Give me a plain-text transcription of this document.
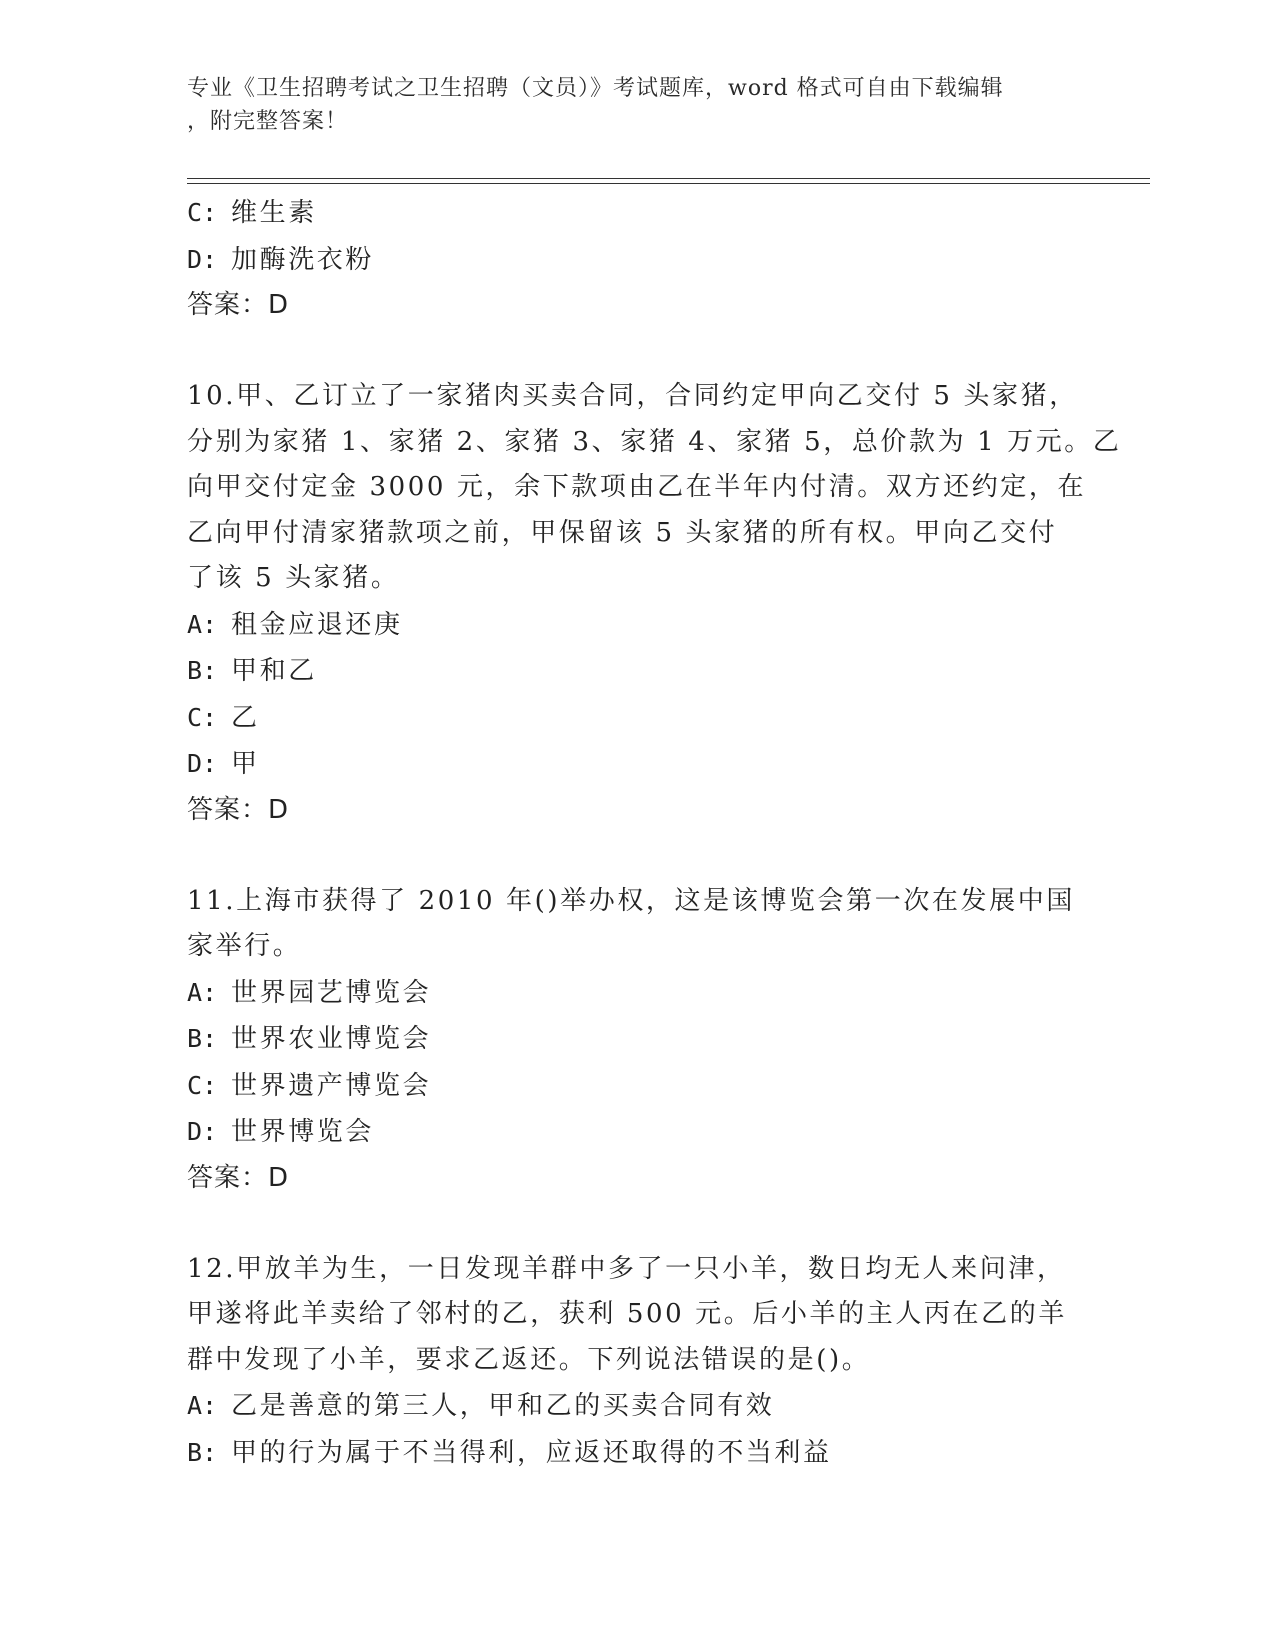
专业《卫生招聘考试之卫生招聘（文员）》考试题库，word 格式可自由下载编辑
，附完整答案！
C: 维生素
D: 加酶洗衣粉
答案：D
10.甲、乙订立了一家猪肉买卖合同，合同约定甲向乙交付 5 头家猪，
分别为家猪 1、家猪 2、家猪 3、家猪 4、家猪 5，总价款为 1 万元。乙
向甲交付定金 3000 元，余下款项由乙在半年内付清。双方还约定，在
乙向甲付清家猪款项之前，甲保留该 5 头家猪的所有权。甲向乙交付
了该 5 头家猪。
A: 租金应退还庚
B: 甲和乙
C: 乙
D: 甲
答案：D
11.上海市获得了 2010 年()举办权，这是该博览会第一次在发展中国
家举行。
A: 世界园艺博览会
B: 世界农业博览会
C: 世界遗产博览会
D: 世界博览会
答案：D
12.甲放羊为生，一日发现羊群中多了一只小羊，数日均无人来问津，
甲遂将此羊卖给了邻村的乙，获利 500 元。后小羊的主人丙在乙的羊
群中发现了小羊，要求乙返还。下列说法错误的是()。
A: 乙是善意的第三人，甲和乙的买卖合同有效
B: 甲的行为属于不当得利，应返还取得的不当利益
